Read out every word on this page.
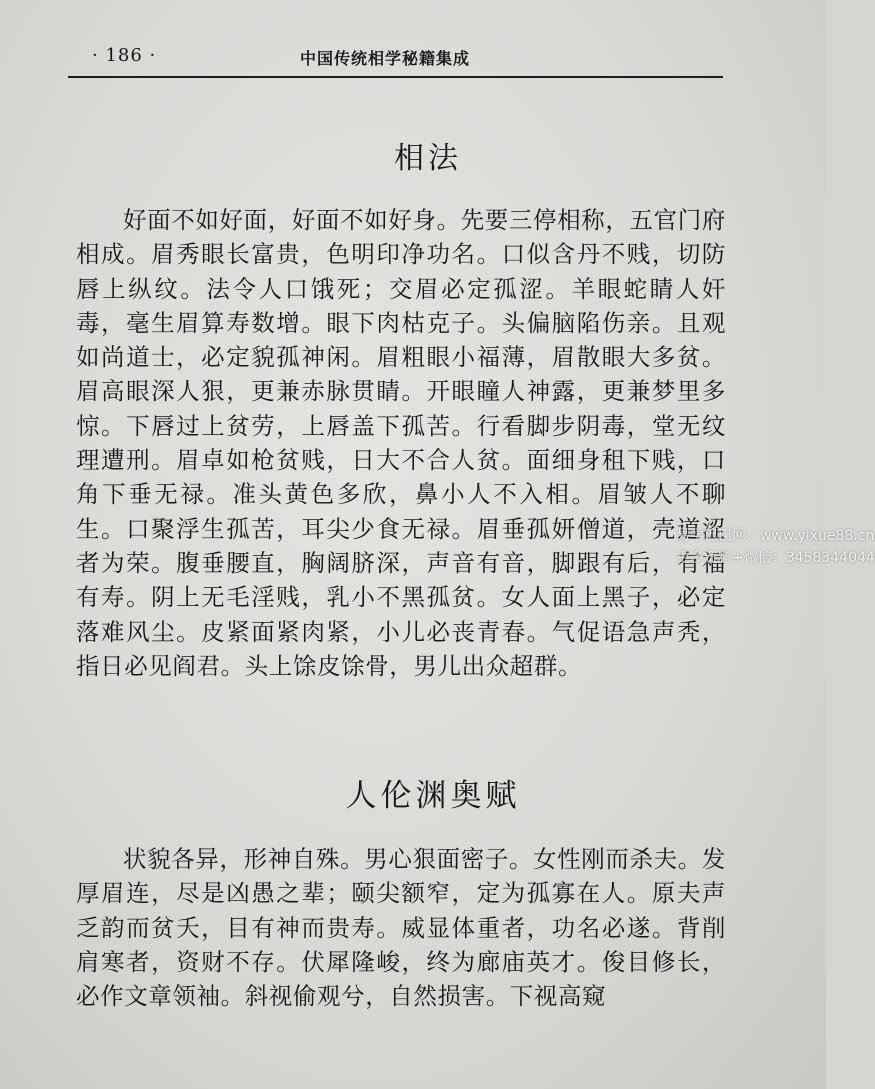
· 186 ·	中国传统相学秘籍集成
相法

好面不如好面，好面不如好身。先要三停相称，五官门府相成。眉秀眼长富贵，色明印净功名。口似含丹不贱，切防唇上纵纹。法令人口饿死；交眉必定孤涩。羊眼蛇睛人奸毒，毫生眉算寿数增。眼下肉枯克子。头偏脑陷伤亲。且观如尚道士，必定貌孤神闲。眉粗眼小福薄，眉散眼大多贫。眉高眼深人狠，更兼赤脉贯睛。开眼瞳人神露，更兼梦里多惊。下唇过上贫劳，上唇盖下孤苦。行看脚步阴毒，堂无纹理遭刑。眉卓如枪贫贱，日大不合人贫。面细身租下贱，口角下垂无禄。准头黄色多欣，鼻小人不入相。眉皱人不聊生。口聚浮生孤苦，耳尖少食无禄。眉垂孤妍僧道，壳道涩者为荣。腹垂腰直，胸阔脐深，声音有音，脚跟有后，有福有寿。阴上无毛淫贱，乳小不黑孤贫。女人面上黑子，必定落难风尘。皮紧面紧肉紧，小儿必丧青春。气促语急声秃，指日必见阎君。头上馀皮馀骨，男儿出众超群。

人伦渊奥赋

状貌各异，形神自殊。男心狠面密子。女性刚而杀夫。发厚眉连，尽是凶愚之辈；颐尖额窄，定为孤寡在人。原夫声乏韵而贫夭，目有神而贵寿。威显体重者，功名必遂。背削肩寒者，资财不存。伏犀隆峻，终为廊庙英才。俊目修长，必作文章领袖。斜视偷观兮，自然损害。下视高窥

易学巴巴网：www.yixue88.cn
更多资料+微信：3458344044
